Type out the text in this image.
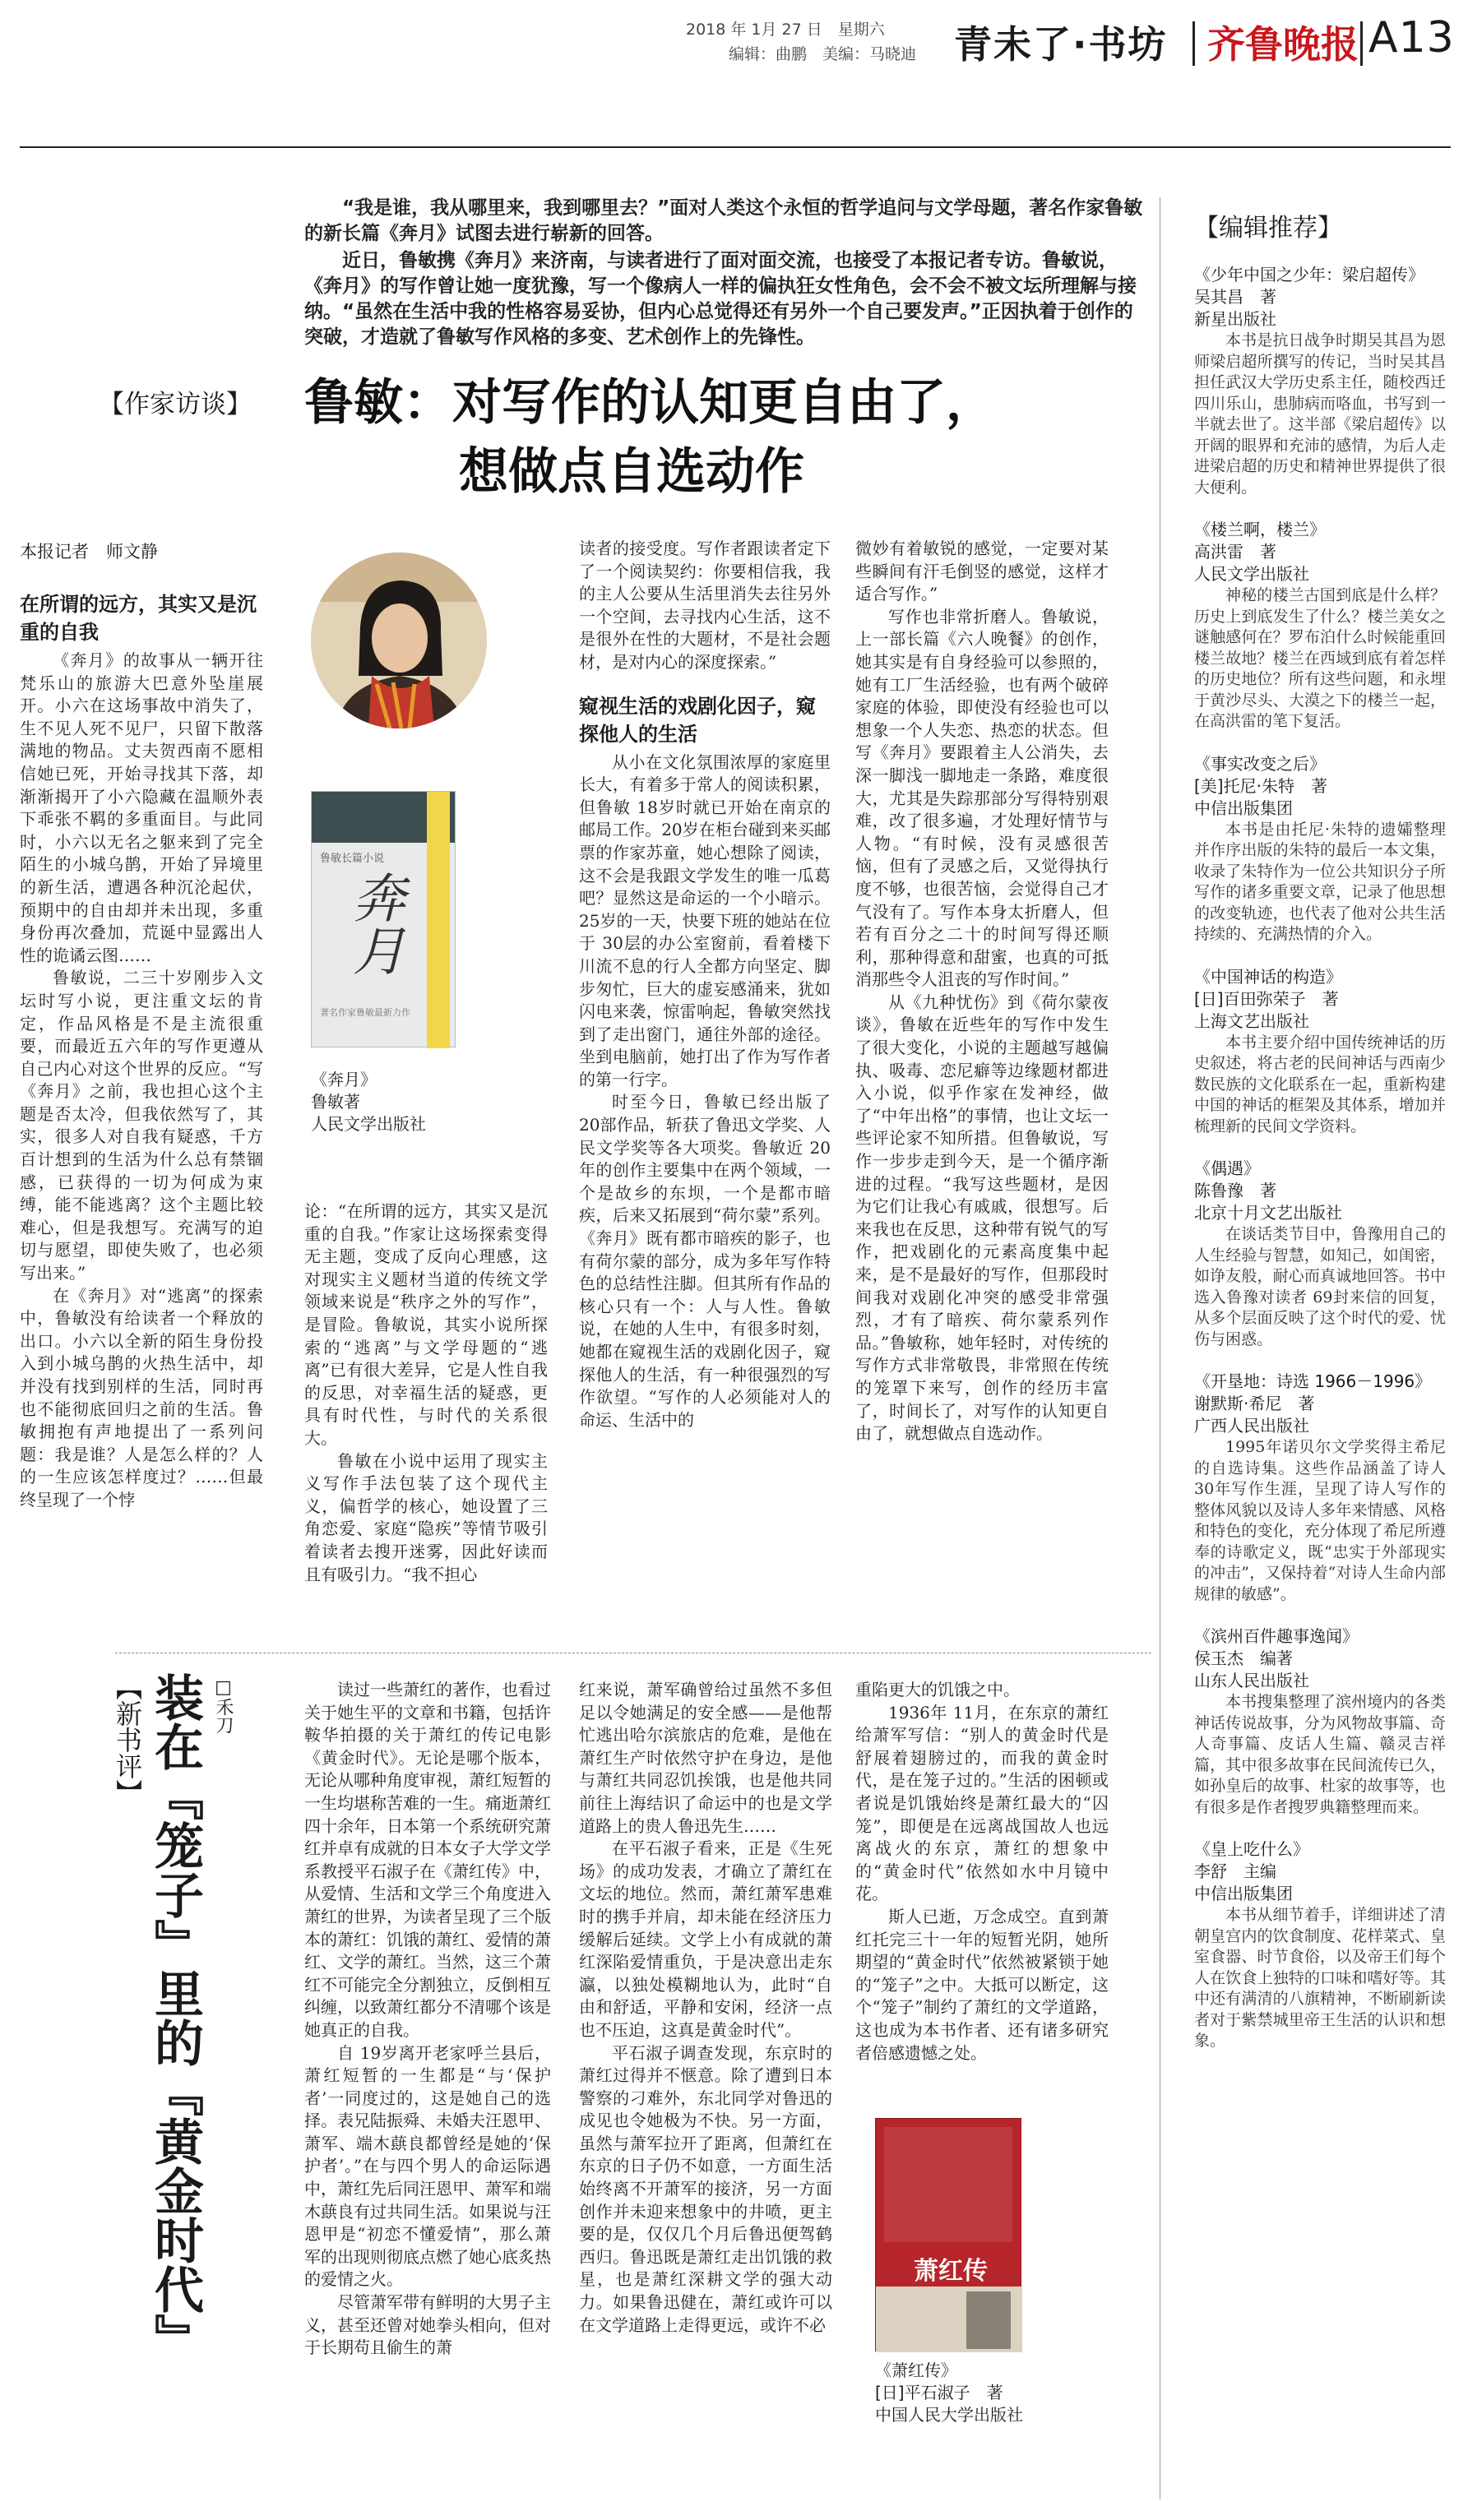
2018 年 1月 27 日　星期六
编辑：曲鹏　美编：马晓迪 青未了·书坊 齐鲁晚报 A13

“我是谁，我从哪里来，我到哪里去？”面对人类这个永恒的哲学追问与文学母题，著名作家鲁敏的新长篇《奔月》试图去进行崭新的回答。

近日，鲁敏携《奔月》来济南，与读者进行了面对面交流，也接受了本报记者专访。鲁敏说，《奔月》的写作曾让她一度犹豫，写一个像病人一样的偏执狂女性角色，会不会不被文坛所理解与接纳。“虽然在生活中我的性格容易妥协，但内心总觉得还有另外一个自己要发声。”正因执着于创作的突破，才造就了鲁敏写作风格的多变、艺术创作上的先锋性。

【作家访谈】 鲁敏：对写作的认知更自由了，
想做点自选动作
本报记者　师文静
在所谓的远方，其实又是沉重的自我

《奔月》的故事从一辆开往梵乐山的旅游大巴意外坠崖展开。小六在这场事故中消失了，生不见人死不见尸，只留下散落满地的物品。丈夫贺西南不愿相信她已死，开始寻找其下落，却渐渐揭开了小六隐藏在温顺外表下乖张不羁的多重面目。与此同时，小六以无名之躯来到了完全陌生的小城乌鹊，开始了异境里的新生活，遭遇各种沉沦起伏，预期中的自由却并未出现，多重身份再次叠加，荒诞中显露出人性的诡谲云图……

鲁敏说，二三十岁刚步入文坛时写小说，更注重文坛的肯定，作品风格是不是主流很重要，而最近五六年的写作更遵从自己内心对这个世界的反应。“写《奔月》之前，我也担心这个主题是否太冷，但我依然写了，其实，很多人对自我有疑惑，千方百计想到的生活为什么总有禁锢感，已获得的一切为何成为束缚，能不能逃离？这个主题比较难心，但是我想写。充满写的迫切与愿望，即使失败了，也必须写出来。”

在《奔月》对“逃离”的探索中，鲁敏没有给读者一个释放的出口。小六以全新的陌生身份投入到小城乌鹊的火热生活中，却并没有找到别样的生活，同时再也不能彻底回归之前的生活。鲁敏拥抱有声地提出了一系列问题：我是谁？人是怎么样的？人的一生应该怎样度过？……但最终呈现了一个悖

奔月
鲁敏长篇小说
著名作家鲁敏最新力作
《奔月》
鲁敏著
人民文学出版社

论：“在所谓的远方，其实又是沉重的自我。”作家让这场探索变得无主题，变成了反向心理感，这对现实主义题材当道的传统文学领域来说是“秩序之外的写作”，是冒险。鲁敏说，其实小说所探索的“逃离”与文学母题的“逃离”已有很大差异，它是人性自我的反思，对幸福生活的疑惑，更具有时代性，与时代的关系很大。

鲁敏在小说中运用了现实主义写作手法包装了这个现代主义，偏哲学的核心，她设置了三角恋爱、家庭“隐疾”等情节吸引着读者去搜开迷雾，因此好读而且有吸引力。“我不担心

读者的接受度。写作者跟读者定下了一个阅读契约：你要相信我，我的主人公要从生活里消失去往另外一个空间，去寻找内心生活，这不是很外在性的大题材，不是社会题材，是对内心的深度探索。”

窥视生活的戏剧化因子，窥探他人的生活

从小在文化氛围浓厚的家庭里长大，有着多于常人的阅读积累，但鲁敏 18岁时就已开始在南京的邮局工作。20岁在柜台碰到来买邮票的作家苏童，她心想除了阅读，这不会是我跟文学发生的唯一瓜葛吧？显然这是命运的一个小暗示。25岁的一天，快要下班的她站在位于 30层的办公室窗前，看着楼下川流不息的行人全都方向坚定、脚步匆忙，巨大的虚妄感涌来，犹如闪电来袭，惊雷响起，鲁敏突然找到了走出窗门，通往外部的途径。坐到电脑前，她打出了作为写作者的第一行字。

时至今日，鲁敏已经出版了 20部作品，斩获了鲁迅文学奖、人民文学奖等各大项奖。鲁敏近 20年的创作主要集中在两个领域，一个是故乡的东坝，一个是都市暗疾，后来又拓展到“荷尔蒙”系列。《奔月》既有都市暗疾的影子，也有荷尔蒙的部分，成为多年写作特色的总结性注脚。但其所有作品的核心只有一个：人与人性。鲁敏说，在她的人生中，有很多时刻，她都在窥视生活的戏剧化因子，窥探他人的生活，有一种很强烈的写作欲望。“写作的人必须能对人的命运、生活中的

微妙有着敏锐的感觉，一定要对某些瞬间有汗毛倒竖的感觉，这样才适合写作。”

写作也非常折磨人。鲁敏说，上一部长篇《六人晚餐》的创作，她其实是有自身经验可以参照的，她有工厂生活经验，也有两个破碎家庭的体验，即使没有经验也可以想象一个人失恋、热恋的状态。但写《奔月》要跟着主人公消失，去深一脚浅一脚地走一条路，难度很大，尤其是失踪那部分写得特别艰难，改了很多遍，才处理好情节与人物。“有时候，没有灵感很苦恼，但有了灵感之后，又觉得执行度不够，也很苦恼，会觉得自己才气没有了。写作本身太折磨人，但若有百分之二十的时间写得还顺利，那种得意和甜蜜，也真的可抵消那些令人沮丧的写作时间。”

从《九种忧伤》到《荷尔蒙夜谈》，鲁敏在近些年的写作中发生了很大变化，小说的主题越写越偏执、吸毒、恋尼癖等边缘题材都进入小说，似乎作家在发神经，做了“中年出格”的事情，也让文坛一些评论家不知所措。但鲁敏说，写作一步步走到今天，是一个循序渐进的过程。“我写这些题材，是因为它们让我心有戚戚，很想写。后来我也在反思，这种带有锐气的写作，把戏剧化的元素高度集中起来，是不是最好的写作，但那段时间我对戏剧化冲突的感受非常强烈，才有了暗疾、荷尔蒙系列作品。”鲁敏称，她年轻时，对传统的写作方式非常敬畏，非常照在传统的笼罩下来写，创作的经历丰富了，时间长了，对写作的认知更自由了，就想做点自选动作。

【新书评】 装在『笼子』里的『黄金时代』 □禾刀	读过一些萧红的著作，也看过关于她生平的文章和书籍，包括许鞍华拍摄的关于萧红的传记电影《黄金时代》。无论是哪个版本，无论从哪种角度审视，萧红短暂的一生均堪称苦难的一生。痛逝萧红四十余年，日本第一个系统研究萧红并卓有成就的日本女子大学文学系教授平石淑子在《萧红传》中，从爱情、生活和文学三个角度进入萧红的世界，为读者呈现了三个版本的萧红：饥饿的萧红、爱情的萧红、文学的萧红。当然，这三个萧红不可能完全分割独立，反倒相互纠缠，以致萧红都分不清哪个该是她真正的自我。

自 19岁离开老家呼兰县后，萧红短暂的一生都是“与‘保护者’一同度过的，这是她自己的选择。表兄陆振舜、未婚夫汪恩甲、萧军、端木蕻良都曾经是她的‘保护者’。”在与四个男人的命运际遇中，萧红先后同汪恩甲、萧军和端木蕻良有过共同生活。如果说与汪恩甲是“初恋不懂爱情”，那么萧军的出现则彻底点燃了她心底炙热的爱情之火。

尽管萧军带有鲜明的大男子主义，甚至还曾对她拳头相向，但对于长期苟且偷生的萧

红来说，萧军确曾给过虽然不多但足以令她满足的安全感——是他帮忙逃出哈尔滨旅店的危难，是他在萧红生产时依然守护在身边，是他与萧红共同忍饥挨饿，也是他共同前往上海结识了命运中的也是文学道路上的贵人鲁迅先生……

在平石淑子看来，正是《生死场》的成功发表，才确立了萧红在文坛的地位。然而，萧红萧军患难时的携手并肩，却未能在经济压力缓解后延续。文学上小有成就的萧红深陷爱情重负，于是决意出走东瀛，以独处模糊地认为，此时“自由和舒适，平静和安闲，经济一点也不压迫，这真是黄金时代”。

平石淑子调查发现，东京时的萧红过得并不惬意。除了遭到日本警察的刁难外，东北同学对鲁迅的成见也令她极为不快。另一方面，虽然与萧军拉开了距离，但萧红在东京的日子仍不如意，一方面生活始终离不开萧军的接济，另一方面创作并未迎来想象中的井喷，更主要的是，仅仅几个月后鲁迅便驾鹤西归。鲁迅既是萧红走出饥饿的救星，也是萧红深耕文学的强大动力。如果鲁迅健在，萧红或许可以在文学道路上走得更远，或许不必

重陷更大的饥饿之中。

1936年 11月，在东京的萧红给萧军写信：“别人的黄金时代是舒展着翅膀过的，而我的黄金时代，是在笼子过的。”生活的困顿或者说是饥饿始终是萧红最大的“囚笼”，即便是在远离战国故人也远离战火的东京，萧红的想象中的“黄金时代”依然如水中月镜中花。

斯人已逝，万念成空。直到萧红托完三十一年的短暂光阴，她所期望的“黄金时代”依然被紧锁于她的“笼子”之中。大抵可以断定，这个“笼子”制约了萧红的文学道路，这也成为本书作者、还有诸多研究者倍感遗憾之处。

萧红传
《萧红传》
[日]平石淑子　著
中国人民大学出版社
【编辑推荐】
《少年中国之少年：梁启超传》
吴其昌　著
新星出版社

本书是抗日战争时期吴其昌为恩师梁启超所撰写的传记，当时吴其昌担任武汉大学历史系主任，随校西迁四川乐山，患肺病而咯血，书写到一半就去世了。这半部《梁启超传》以开阔的眼界和充沛的感情，为后人走进梁启超的历史和精神世界提供了很大便利。

《楼兰啊，楼兰》
高洪雷　著
人民文学出版社

神秘的楼兰古国到底是什么样？历史上到底发生了什么？楼兰美女之谜触感何在？罗布泊什么时候能重回楼兰故地？楼兰在西域到底有着怎样的历史地位？所有这些问题，和永埋于黄沙尽头、大漠之下的楼兰一起，在高洪雷的笔下复活。

《事实改变之后》
[美]托尼·朱特　著
中信出版集团

本书是由托尼·朱特的遗孀整理并作序出版的朱特的最后一本文集，收录了朱特作为一位公共知识分子所写作的诸多重要文章，记录了他思想的改变轨迹，也代表了他对公共生活持续的、充满热情的介入。

《中国神话的构造》
[日]百田弥荣子　著
上海文艺出版社

本书主要介绍中国传统神话的历史叙述，将古老的民间神话与西南少数民族的文化联系在一起，重新构建中国的神话的框架及其体系，增加并梳理新的民间文学资料。

《偶遇》
陈鲁豫　著
北京十月文艺出版社

在谈话类节目中，鲁豫用自己的人生经验与智慧，如知己，如闺密，如诤友般，耐心而真诚地回答。书中选入鲁豫对读者 69封来信的回复，从多个层面反映了这个时代的爱、忧伤与困惑。

《开垦地：诗选 1966－1996》
谢默斯·希尼　著
广西人民出版社

1995年诺贝尔文学奖得主希尼的自选诗集。这些作品涵盖了诗人 30年写作生涯，呈现了诗人写作的整体风貌以及诗人多年来情感、风格和特色的变化，充分体现了希尼所遵奉的诗歌定义，既“忠实于外部现实的冲击”，又保持着“对诗人生命内部规律的敏感”。

《滨州百件趣事逸闻》
侯玉杰　编著
山东人民出版社

本书搜集整理了滨州境内的各类神话传说故事，分为风物故事篇、奇人奇事篇、皮话人生篇、赣灵吉祥篇，其中很多故事在民间流传已久，如孙皇后的故事、杜家的故事等，也有很多是作者搜罗典籍整理而来。

《皇上吃什么》
李舒　主编
中信出版集团

本书从细节着手，详细讲述了清朝皇宫内的饮食制度、花样菜式、皇室食器、时节食俗，以及帝王们每个人在饮食上独特的口味和嗜好等。其中还有满清的八旗精神，不断刷新读者对于紫禁城里帝王生活的认识和想象。
